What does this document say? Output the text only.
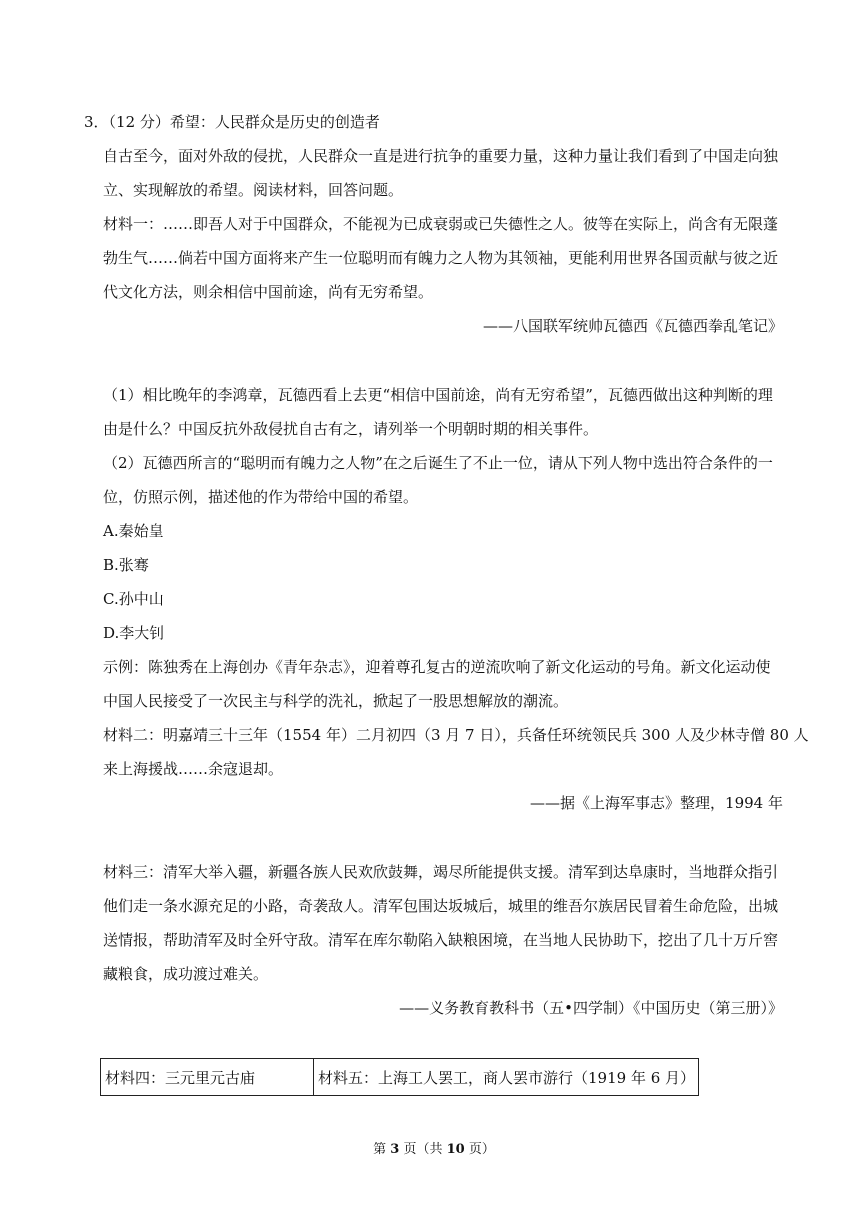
3．（12 分）希望：人民群众是历史的创造者
自古至今，面对外敌的侵扰，人民群众一直是进行抗争的重要力量，这种力量让我们看到了中国走向独
立、实现解放的希望。阅读材料，回答问题。
材料一：……即吾人对于中国群众，不能视为已成衰弱或已失德性之人。彼等在实际上，尚含有无限蓬
勃生气……倘若中国方面将来产生一位聪明而有魄力之人物为其领袖，更能利用世界各国贡献与彼之近
代文化方法，则余相信中国前途，尚有无穷希望。
——八国联军统帅瓦德西《瓦德西拳乱笔记》
（1）相比晚年的李鸿章，瓦德西看上去更“相信中国前途，尚有无穷希望”，瓦德西做出这种判断的理
由是什么？中国反抗外敌侵扰自古有之，请列举一个明朝时期的相关事件。
（2）瓦德西所言的“聪明而有魄力之人物”在之后诞生了不止一位，请从下列人物中选出符合条件的一
位，仿照示例，描述他的作为带给中国的希望。
A.秦始皇
B.张骞
C.孙中山
D.李大钊
示例：陈独秀在上海创办《青年杂志》，迎着尊孔复古的逆流吹响了新文化运动的号角。新文化运动使
中国人民接受了一次民主与科学的洗礼，掀起了一股思想解放的潮流。
材料二：明嘉靖三十三年（1554 年）二月初四（3 月 7 日），兵备任环统领民兵 300 人及少林寺僧 80 人
来上海援战……余寇退却。
——据《上海军事志》整理，1994 年
材料三：清军大举入疆，新疆各族人民欢欣鼓舞，竭尽所能提供支援。清军到达阜康时，当地群众指引
他们走一条水源充足的小路，奇袭敌人。清军包围达坂城后，城里的维吾尔族居民冒着生命危险，出城
送情报，帮助清军及时全歼守敌。清军在库尔勒陷入缺粮困境，在当地人民协助下，挖出了几十万斤窖
藏粮食，成功渡过难关。
——义务教育教科书（五•四学制）《中国历史（第三册）》
材料四：三元里元古庙	材料五：上海工人罢工，商人罢市游行（1919 年 6 月）
第 3 页（共 10 页）
